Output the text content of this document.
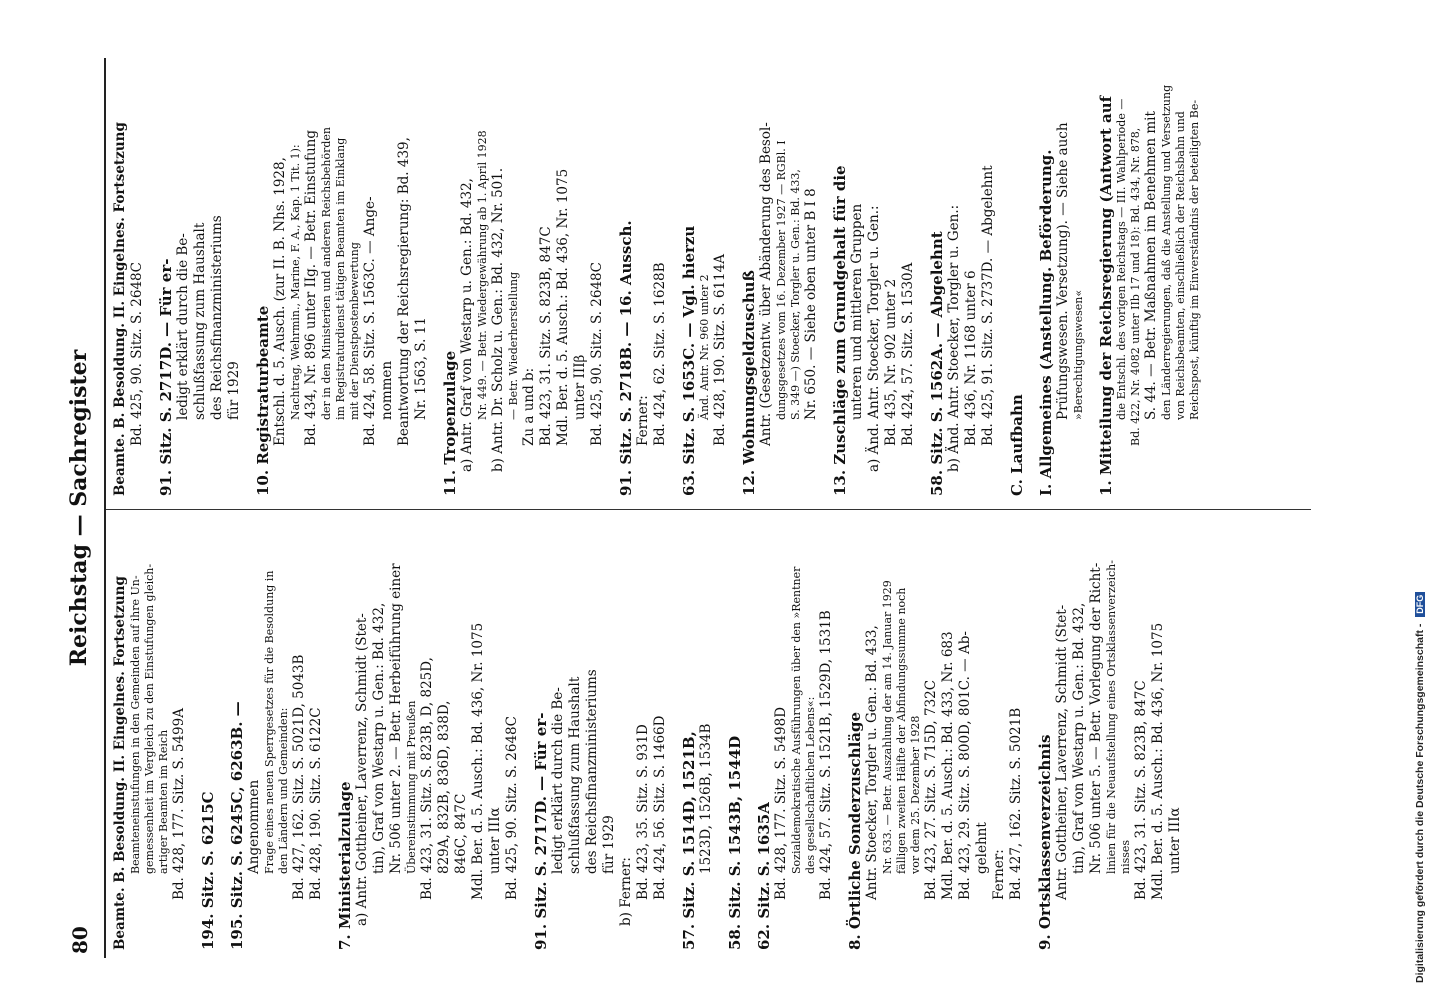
80
Reichstag — Sachregister
Beamte. B. Besoldung. II. Eingelnes. Fortsetzung Beamteneinstufungen in den Gemeinden auf ihre Un- gemessenheit im Vergleich zu den Einstufungen gleich- artiger Beamten im Reich Bd. 428, 177. Sitz. S. 5499A 194. Sitz. S. 6215C 195. Sitz. S. 6245C, 6263B. — Angenommen Frage eines neuen Sperrgesetzes für die Besoldung in den Ländern und Gemeinden: Bd. 427, 162. Sitz. S. 5021D, 5043B Bd. 428, 190. Sitz. S. 6122C 7. Ministerialzulage a) Antr. Gottheiner, Laverrenz, Schmidt (Stet- tin), Graf von Westarp u. Gen.: Bd. 432, Nr. 506 unter 2. — Betr. Herbeiführung einer Übereinstimmung mit Preußen Bd. 423, 31. Sitz. S. 823B, D, 825D, 829A, 832B, 836D, 838D, 846C, 847C Mdl. Ber. d. 5. Ausch.: Bd. 436, Nr. 1075 unter IIIα Bd. 425, 90. Sitz. S. 2648C 91. Sitz. S. 2717D. — Für er- ledigt erklärt durch die Be- schlußfassung zum Haushalt des Reichsfinanzministeriums für 1929
b) Ferner: Bd. 423, 35. Sitz. S. 931D Bd. 424, 56. Sitz. S. 1466D 57. Sitz. S. 1514D, 1521B, 1523D, 1526B, 1534B 58. Sitz. S. 1543B, 1544D 62. Sitz. S. 1635A Bd. 428, 177. Sitz. S. 5498D Sozialdemokratische Ausführungen über den »Rentner des gesellschaftlichen Lebens«: Bd. 424, 57. Sitz. S. 1521B, 1529D, 1531B 8. Örtliche Sonderzuschläge Antr. Stoecker, Torgler u. Gen.: Bd. 433, Nr. 633. — Betr. Auszahlung der am 14. Januar 1929 fälligen zweiten Hälfte der Abfindungssumme noch vor dem 25. Dezember 1928 Bd. 423, 27. Sitz. S. 715D, 732C Mdl. Ber. d. 5. Ausch.: Bd. 433, Nr. 683 Bd. 423, 29. Sitz. S. 800D, 801C. — Ab- gelehnt
Ferner: Bd. 427, 162. Sitz. S. 5021B 9. Ortsklassenverzeichnis Antr. Gottheiner, Laverrenz, Schmidt (Stet- tin), Graf von Westarp u. Gen.: Bd. 432, Nr. 506 unter 5. — Betr. Vorlegung der Richt- linien für die Neuaufstellung eines Ortsklassenverzeich- nisses Bd. 423, 31. Sitz. S. 823B, 847C Mdl. Ber. d. 5. Ausch.: Bd. 436, Nr. 1075 unter IIIα
Beamte. B. Besoldung. II. Eingelnes. Fortsetzung Bd. 425, 90. Sitz. S. 2648C 91. Sitz. S. 2717D. — Für er- ledigt erklärt durch die Be- schlußfassung zum Haushalt des Reichsfinanzministeriums für 1929 10. Registraturbeamte Entschl. d. 5. Ausch. (zur II. B. Nhs. 1928, Nachtrag, Wehrmin., Marine, F. A., Kap. 1 Tit. 1): Bd. 434, Nr. 896 unter IIg. — Betr. Einstufung der in den Ministerien und anderen Reichsbehörden im Registraturdienst tätigen Beamten im Einklang mit der Dienstpostenbewertung Bd. 424, 58. Sitz. S. 1563C. — Ange- nommen Beantwortung der Reichsregierung: Bd. 439, Nr. 1563, S. 11 11. Tropenzulage a) Antr. Graf von Westarp u. Gen.: Bd. 432, Nr. 449. — Betr. Wiedergewährung ab 1. April 1928 b) Antr. Dr. Scholz u. Gen.: Bd. 432, Nr. 501. — Betr. Wiederherstellung Zu a und b: Bd. 423, 31. Sitz. S. 823B, 847C Mdl. Ber. d. 5. Ausch.: Bd. 436, Nr. 1075 unter IIIβ Bd. 425, 90. Sitz. S. 2648C 91. Sitz. S. 2718B. — 16. Aussch. Ferner: Bd. 424, 62. Sitz. S. 1628B 63. Sitz. S. 1653C. — Vgl. hierzu Änd. Antr. Nr. 960 unter 2 Bd. 428, 190. Sitz. S. 6114A 12. Wohnungsgeldzuschuß Antr. (Gesetzentw. über Abänderung des Besol- dungsgesetzes vom 16. Dezember 1927 — RGBl. I S. 349 —) Stoecker, Torgler u. Gen.: Bd. 433, Nr. 650. — Siehe oben unter B I 8 13. Zuschläge zum Grundgehalt für die unteren und mittleren Gruppen a) Änd. Antr. Stoecker, Torgler u. Gen.: Bd. 435, Nr. 902 unter 2 Bd. 424, 57. Sitz. S. 1530A 58. Sitz. S. 1562A. — Abgelehnt b) Änd. Antr. Stoecker, Torgler u. Gen.: Bd. 436, Nr. 1168 unter 6 Bd. 425, 91. Sitz. S. 2737D. — Abgelehnt C. Laufbahn I. Allgemeines (Anstellung. Beförderung. Prüfungswesen. Versetzung). — Siehe auch »Berechtigungswesen« 1. Mitteilung der Reichsregierung (Antwort auf die Entschl. des vorigen Reichstags — III. Wahlperiode — Bd. 422, Nr. 4082 unter IIb 17 und 18): Bd. 434, Nr. 878, S. 44. — Betr. Maßnahmen im Benehmen mit den Länderregierungen, daß die Anstellung und Versetzung von Reichsbeamten, einschließlich der Reichsbahn und Reichspost, künftig im Einverständnis der beteiligten Be-
Digitalisierung gefördert durch die Deutsche Forschungsgemeinschaft - DFG
